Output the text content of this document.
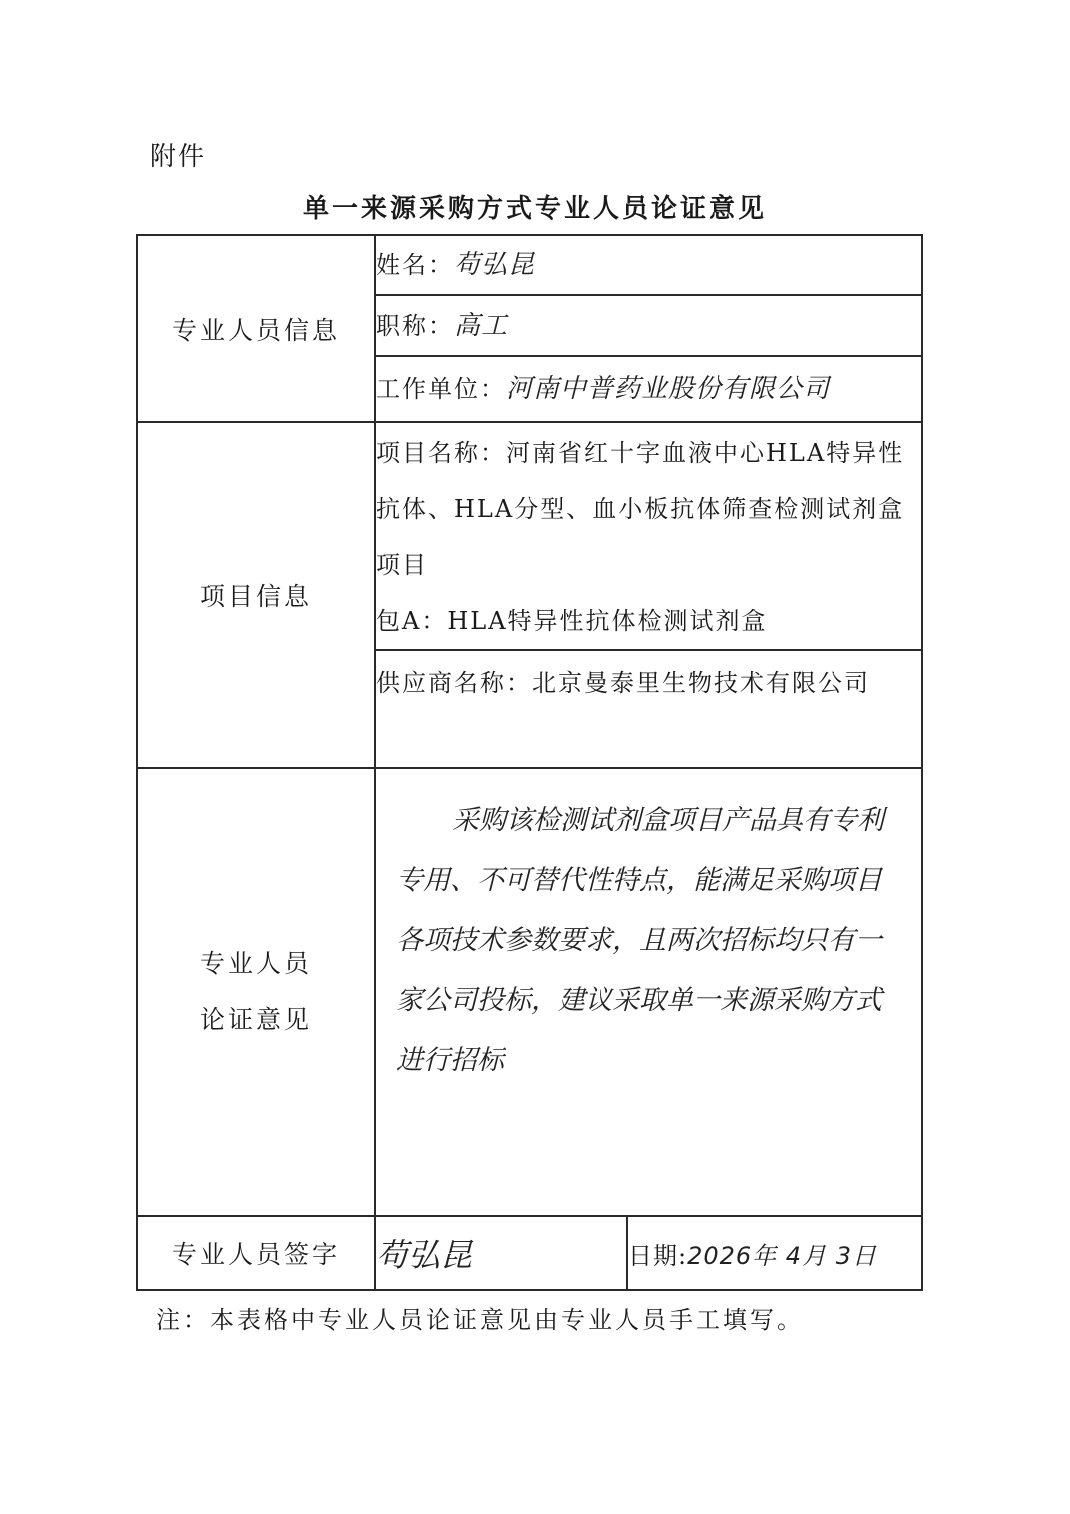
附件
单一来源采购方式专业人员论证意见
专业人员信息	姓名：苟弘昆	
	职称：高工	
	工作单位：河南中普药业股份有限公司	
项目信息	项目名称：河南省红十字血液中心HLA特异性抗体、HLA分型、血小板抗体筛查检测试剂盒项目
包A：HLA特异性抗体检测试剂盒	

	供应商名称：北京曼泰里生物技术有限公司	

专业人员
论证意见	采购该检测试剂盒项目产品具有专利专用、不可替代性特点，能满足采购项目各项技术参数要求，且两次招标均只有一家公司投标，建议采取单一来源采购方式进行招标	
专业人员签字	苟弘昆	日期:2026年 4月 3日
注：本表格中专业人员论证意见由专业人员手工填写。
